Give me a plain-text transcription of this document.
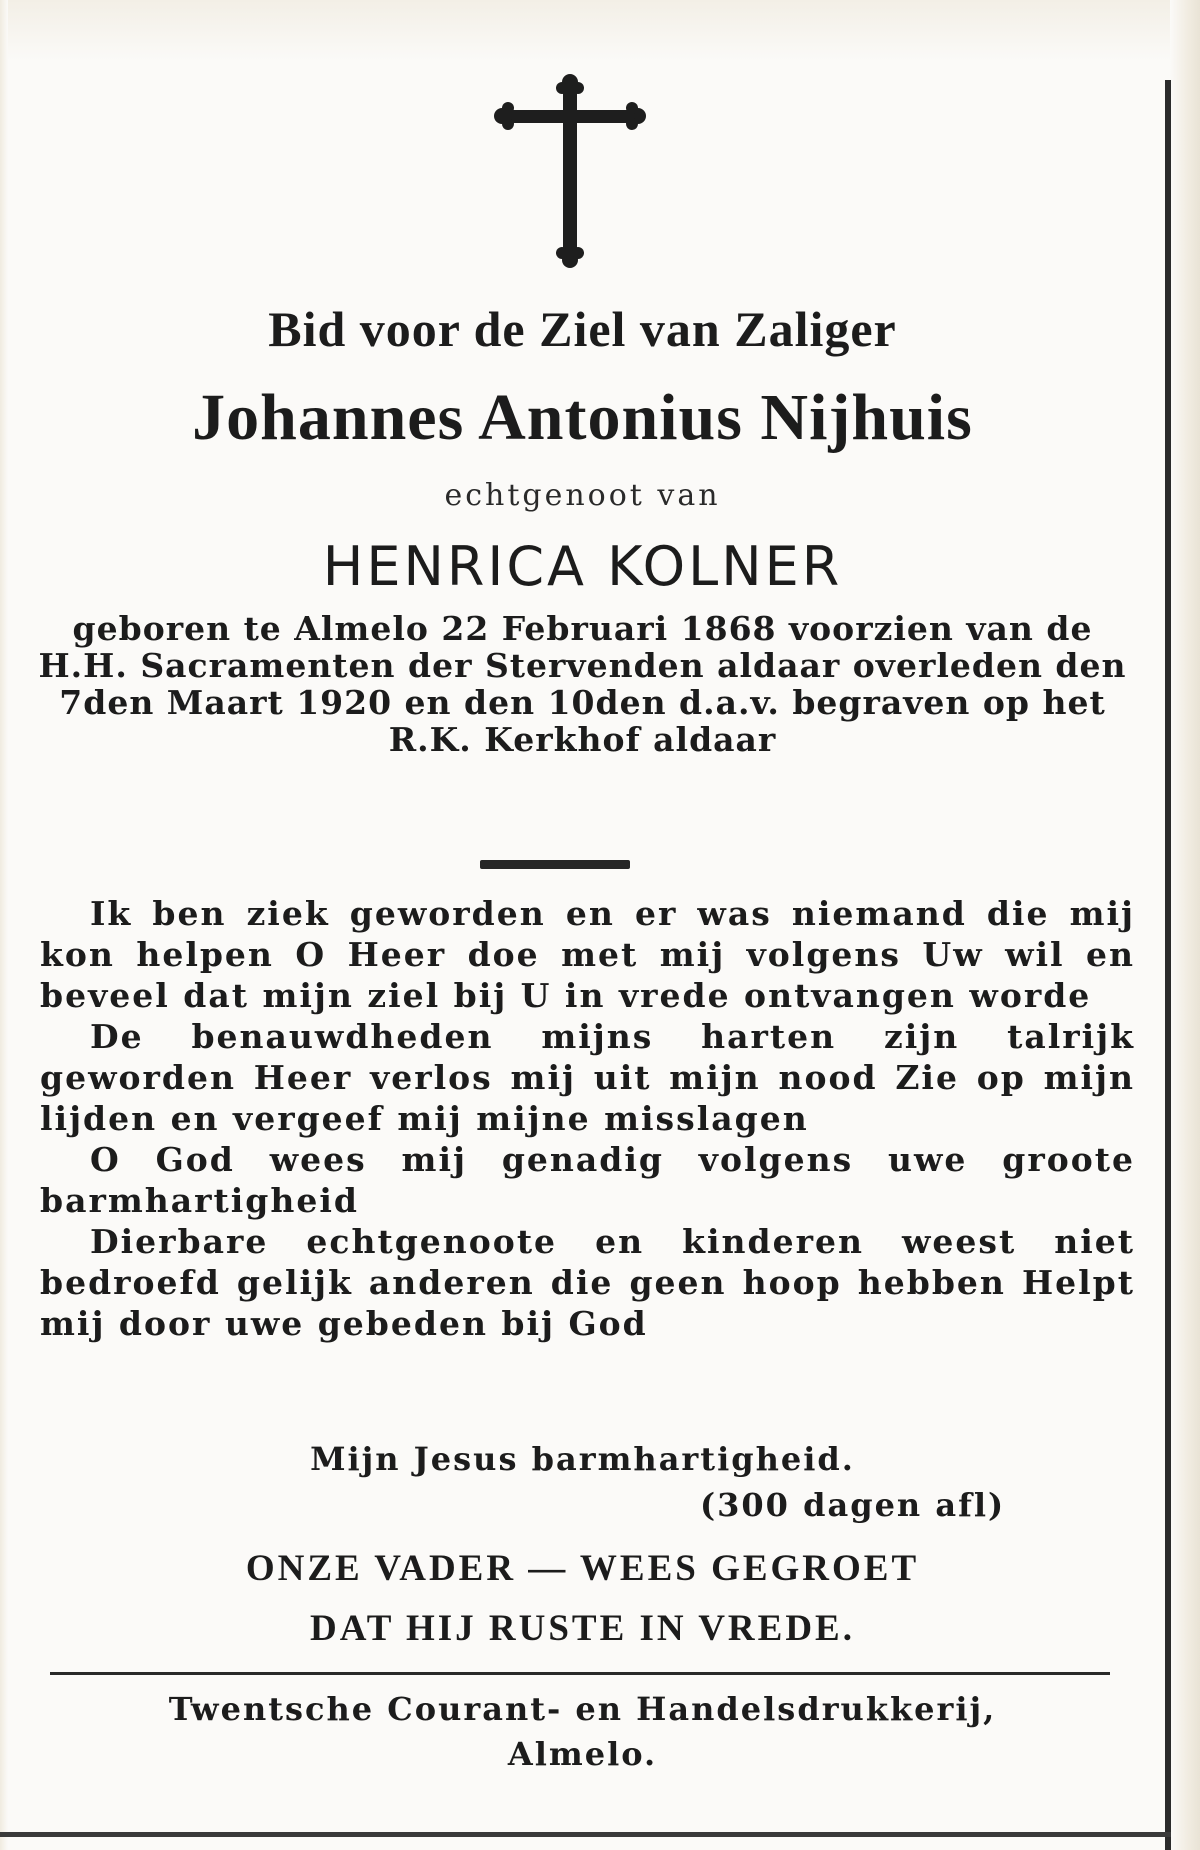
Bid voor de Ziel van Zaliger
Johannes Antonius Nijhuis
echtgenoot van
HENRICA KOLNER
geboren te Almelo 22 Februari 1868 voorzien van de H.H. Sacramenten der Stervenden aldaar overleden den 7den Maart 1920 en den 10den d.a.v. begraven op het R.K. Kerkhof aldaar

Ik ben ziek geworden en er was niemand die mij kon helpen O Heer doe met mij volgens Uw wil en beveel dat mijn ziel bij U in vrede ontvangen worde

De benauwdheden mijns harten zijn talrijk geworden Heer verlos mij uit mijn nood Zie op mijn lijden en vergeef mij mijne misslagen

O God wees mij genadig volgens uwe groote barmhartigheid

Dierbare echtgenoote en kinderen weest niet bedroefd gelijk anderen die geen hoop hebben Helpt mij door uwe gebeden bij God

Mijn Jesus barmhartigheid.
(300 dagen afl)
ONZE VADER — WEES GEGROET
DAT HIJ RUSTE IN VREDE.
Twentsche Courant- en Handelsdrukkerij,
Almelo.
